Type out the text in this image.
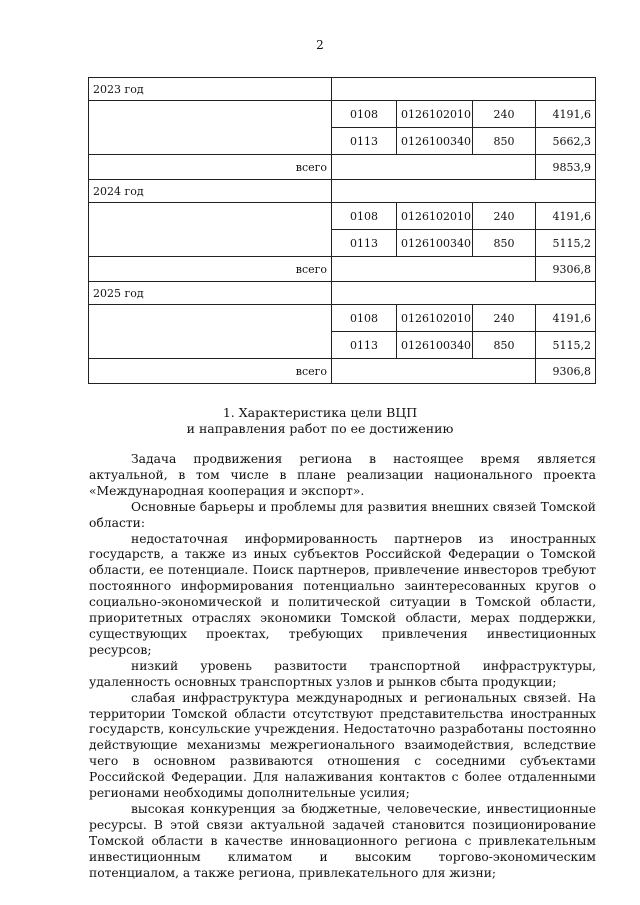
2
2023 год				
	0108	0126102010	240	4191,6
	0113	0126100340	850	5662,3
всего				9853,9
2024 год				
	0108	0126102010	240	4191,6
	0113	0126100340	850	5115,2
всего				9306,8
2025 год				
	0108	0126102010	240	4191,6
	0113	0126100340	850	5115,2
всего				9306,8
1. Характеристика цели ВЦП
и направления работ по ее достижению

Задача продвижения региона в настоящее время является актуальной, в том числе в плане реализации национального проекта «Международная кооперация и экспорт».

Основные барьеры и проблемы для развития внешних связей Томской области:

недостаточная информированность партнеров из иностранных государств, а также из иных субъектов Российской Федерации о Томской области, ее потенциале. Поиск партнеров, привлечение инвесторов требуют постоянного информирования потенциально заинтересованных кругов о социально-экономической и политической ситуации в Томской области, приоритетных отраслях экономики Томской области, мерах поддержки, существующих проектах, требующих привлечения инвестиционных ресурсов;

низкий уровень развитости транспортной инфраструктуры, удаленность основных транспортных узлов и рынков сбыта продукции;

слабая инфраструктура международных и региональных связей. На территории Томской области отсутствуют представительства иностранных государств, консульские учреждения. Недостаточно разработаны постоянно действующие механизмы межрегионального взаимодействия, вследствие чего в основном развиваются отношения с соседними субъектами Российской Федерации. Для налаживания контактов с более отдаленными регионами необходимы дополнительные усилия;

высокая конкуренция за бюджетные, человеческие, инвестиционные ресурсы. В этой связи актуальной задачей становится позиционирование Томской области в качестве инновационного региона с привлекательным инвестиционным климатом и высоким торгово-экономическим потенциалом, а также региона, привлекательного для жизни;
